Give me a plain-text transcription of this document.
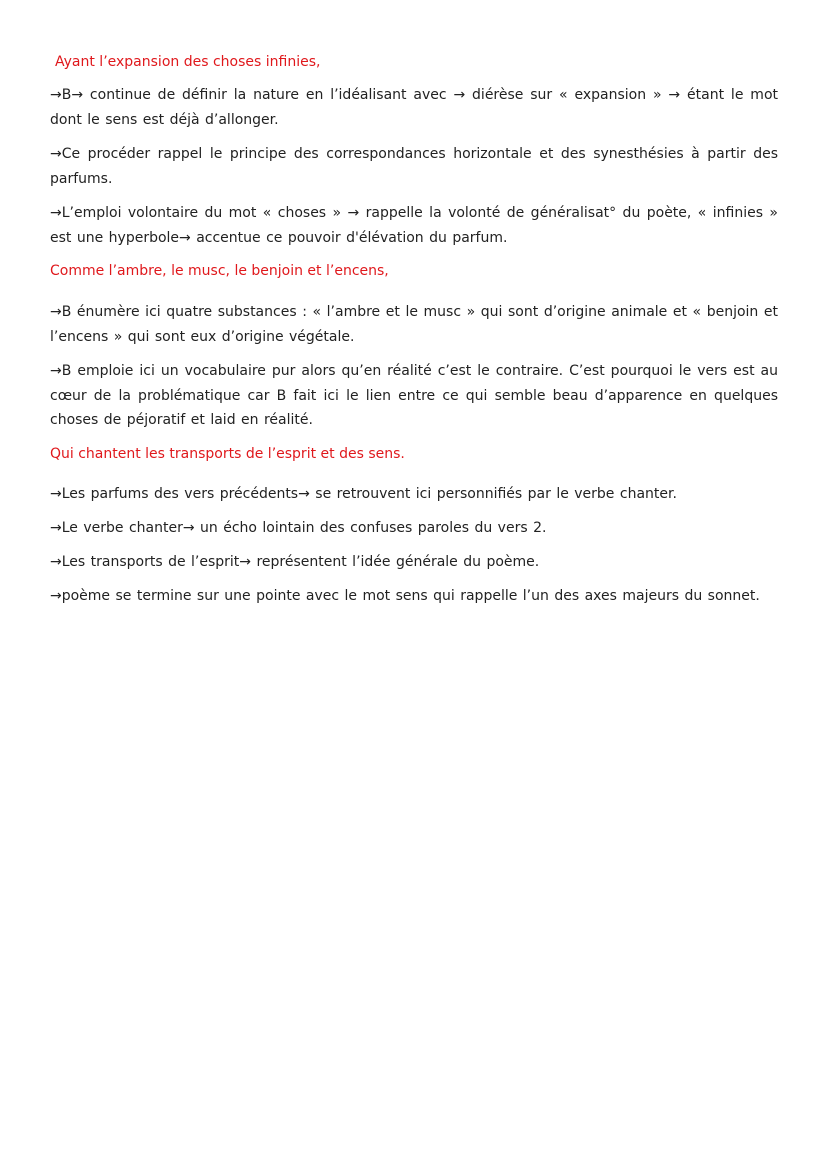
Ayant l’expansion des choses infinies,

→B→ continue de définir la nature en l’idéalisant avec → diérèse sur « expansion » → étant le mot dont le sens est déjà d’allonger.

→Ce procéder rappel le principe des correspondances horizontale et des synesthésies à partir des parfums.

→L’emploi volontaire du mot « choses » → rappelle la volonté de généralisat° du poète, « infinies » est une hyperbole→ accentue ce pouvoir d'élévation du parfum.

Comme l’ambre, le musc, le benjoin et l’encens,

→B énumère ici quatre substances : « l’ambre et le musc » qui sont d’origine animale et « benjoin et l’encens » qui sont eux d’origine végétale.

→B emploie ici un vocabulaire pur alors qu’en réalité c’est le contraire. C’est pourquoi le vers est au cœur de la problématique car B fait ici le lien entre ce qui semble beau d’apparence en quelques choses de péjoratif et laid en réalité.

Qui chantent les transports de l’esprit et des sens.

→Les parfums des vers précédents→ se retrouvent ici personnifiés par le verbe chanter.

→Le verbe chanter→ un écho lointain des confuses paroles du vers 2.

→Les transports de l’esprit→ représentent l’idée générale du poème.

→poème se termine sur une pointe avec le mot sens qui rappelle l’un des axes majeurs du sonnet.
